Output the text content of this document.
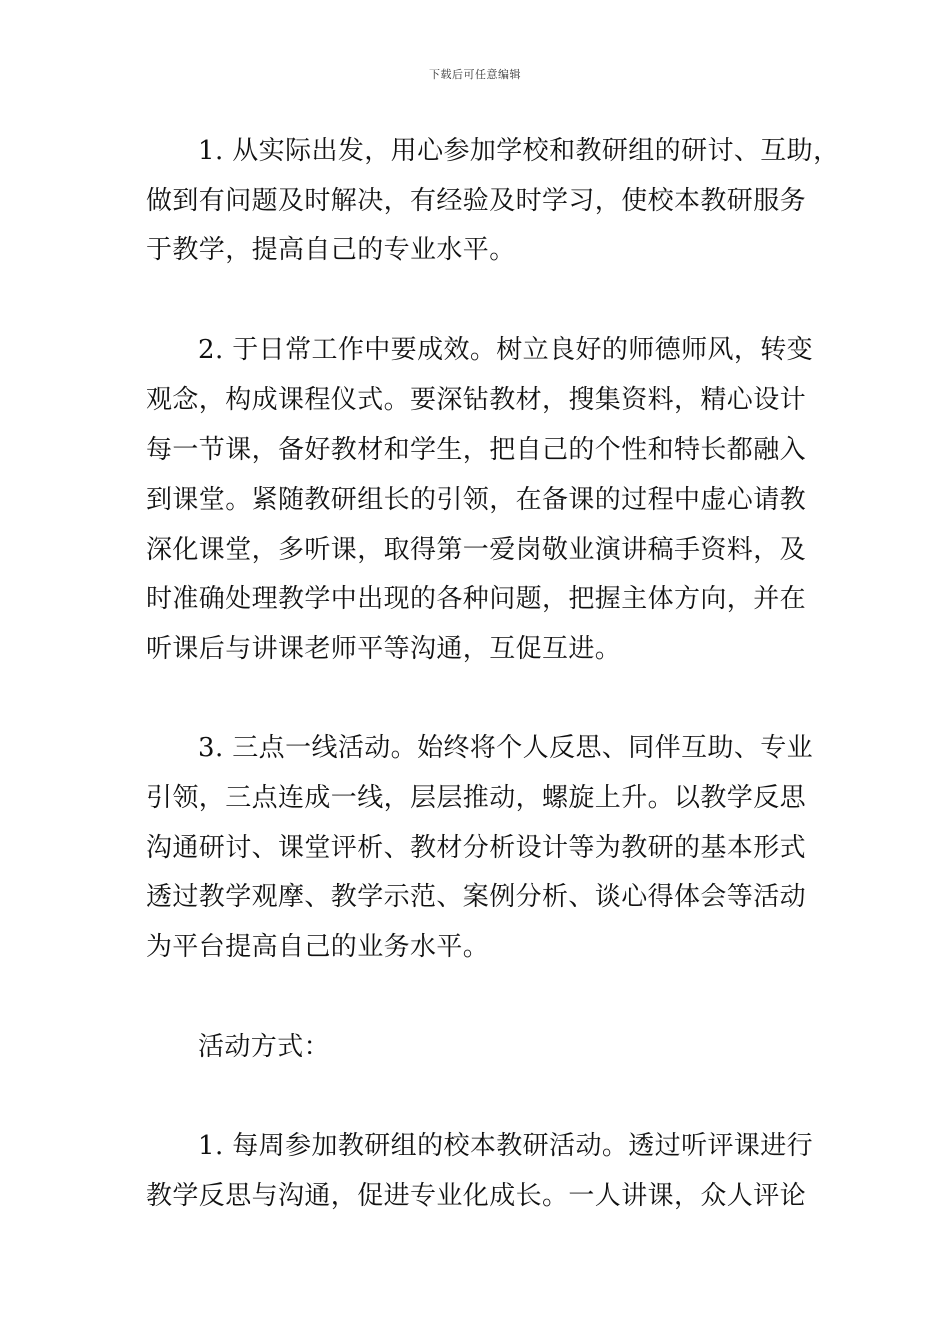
下载后可任意编辑
1. 从实际出发，用心参加学校和教研组的研讨、互助，
做到有问题及时解决，有经验及时学习，使校本教研服务
于教学，提高自己的专业水平。
2. 于日常工作中要成效。树立良好的师德师风，转变
观念，构成课程仪式。要深钻教材，搜集资料，精心设计
每一节课，备好教材和学生，把自己的个性和特长都融入
到课堂。紧随教研组长的引领，在备课的过程中虚心请教
深化课堂，多听课，取得第一爱岗敬业演讲稿手资料，及
时准确处理教学中出现的各种问题，把握主体方向，并在
听课后与讲课老师平等沟通，互促互进。
3. 三点一线活动。始终将个人反思、同伴互助、专业
引领，三点连成一线，层层推动，螺旋上升。以教学反思
沟通研讨、课堂评析、教材分析设计等为教研的基本形式
透过教学观摩、教学示范、案例分析、谈心得体会等活动
为平台提高自己的业务水平。
活动方式：
1. 每周参加教研组的校本教研活动。透过听评课进行
教学反思与沟通，促进专业化成长。一人讲课，众人评论
